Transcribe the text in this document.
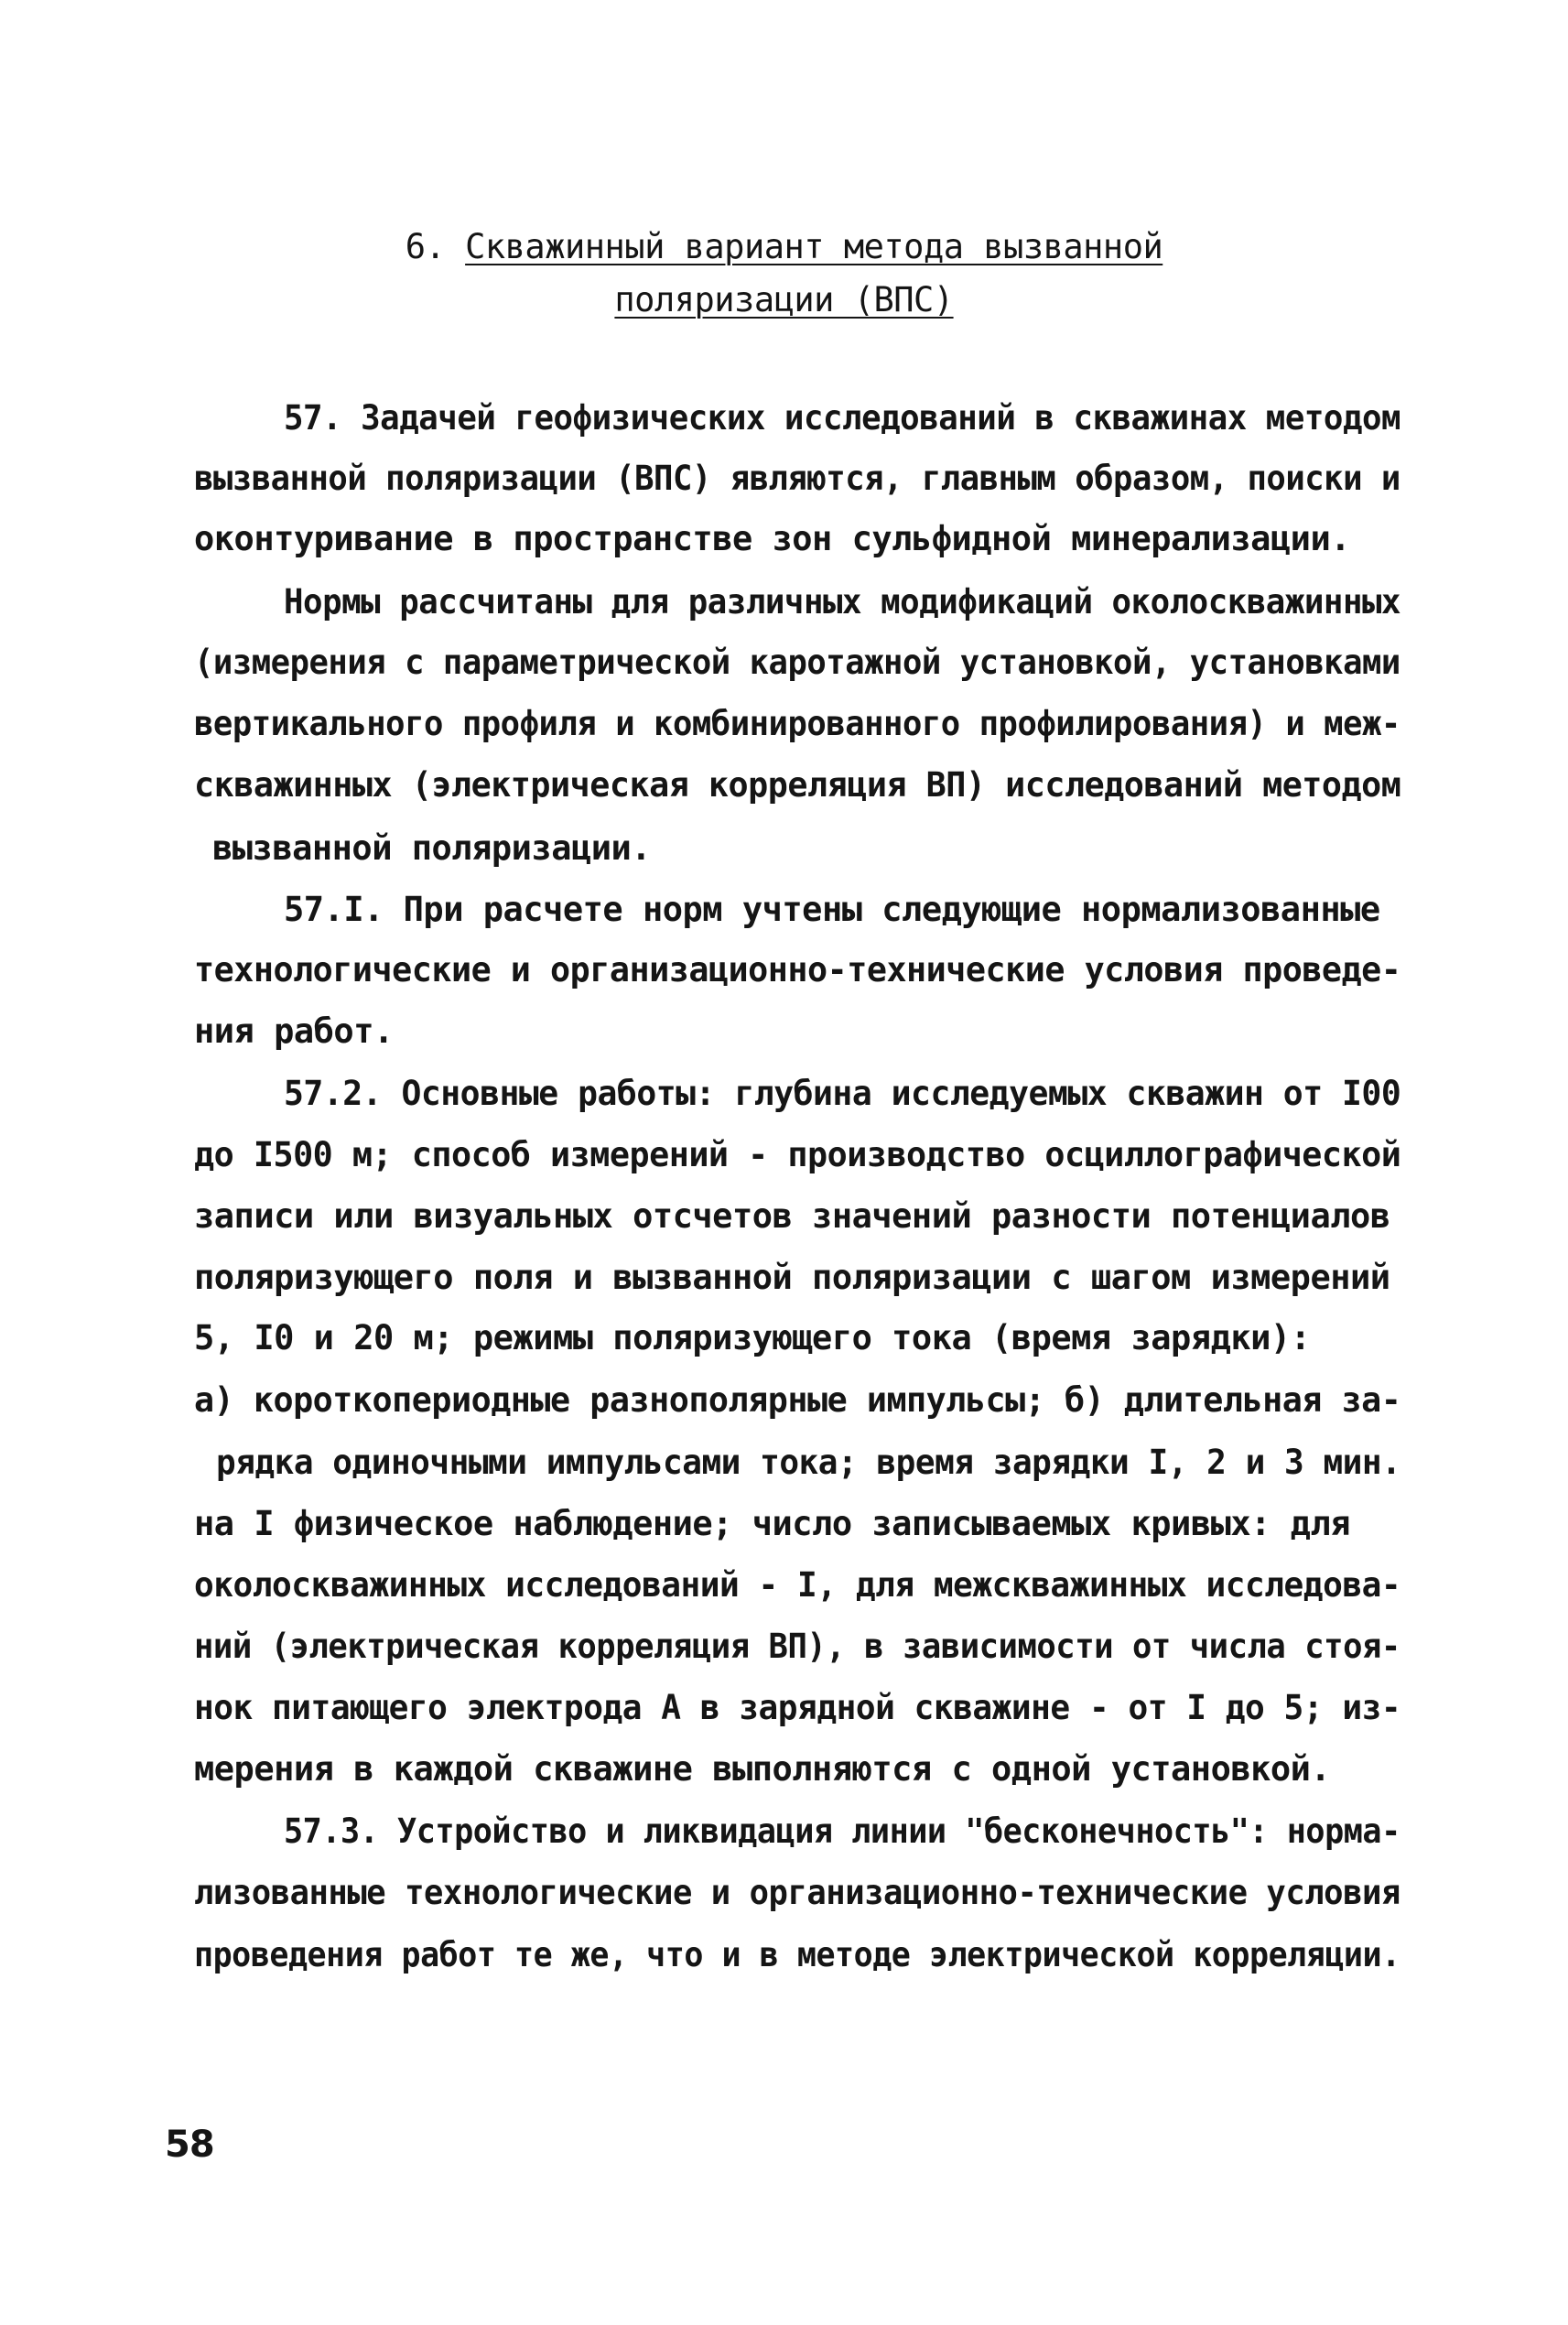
6. Скважинный вариант метода вызванной
поляризации (ВПС)
57. Задачей геофизических исследований в скважинах методом
вызванной поляризации (ВПС) являются, главным образом, поиски и
оконтуривание в пространстве зон сульфидной минерализации.
Нормы рассчитаны для различных модификаций околоскважинных
(измерения с параметрической каротажной установкой, установками
вертикального профиля и комбинированного профилирования) и меж-
скважинных (электрическая корреляция ВП) исследований методом
вызванной поляризации.
57.I. При расчете норм учтены следующие нормализованные
технологические и организационно-технические условия проведе-
ния работ.
57.2. Основные работы: глубина исследуемых скважин от I00
до I500 м; способ измерений - производство осциллографической
записи или визуальных отсчетов значений разности потенциалов
поляризующего поля и вызванной поляризации с шагом измерений
5, I0 и 20 м; режимы поляризующего тока (время зарядки):
а) короткопериодные разнополярные импульсы; б) длительная за-
рядка одиночными импульсами тока; время зарядки I, 2 и 3 мин.
на I физическое наблюдение; число записываемых кривых: для
околоскважинных исследований - I, для межскважинных исследова-
ний (электрическая корреляция ВП), в зависимости от числа стоя-
нок питающего электрода А в зарядной скважине - от I до 5; из-
мерения в каждой скважине выполняются с одной установкой.
57.3. Устройство и ликвидация линии "бесконечность": норма-
лизованные технологические и организационно-технические условия
проведения работ те же, что и в методе электрической корреляции.
58
